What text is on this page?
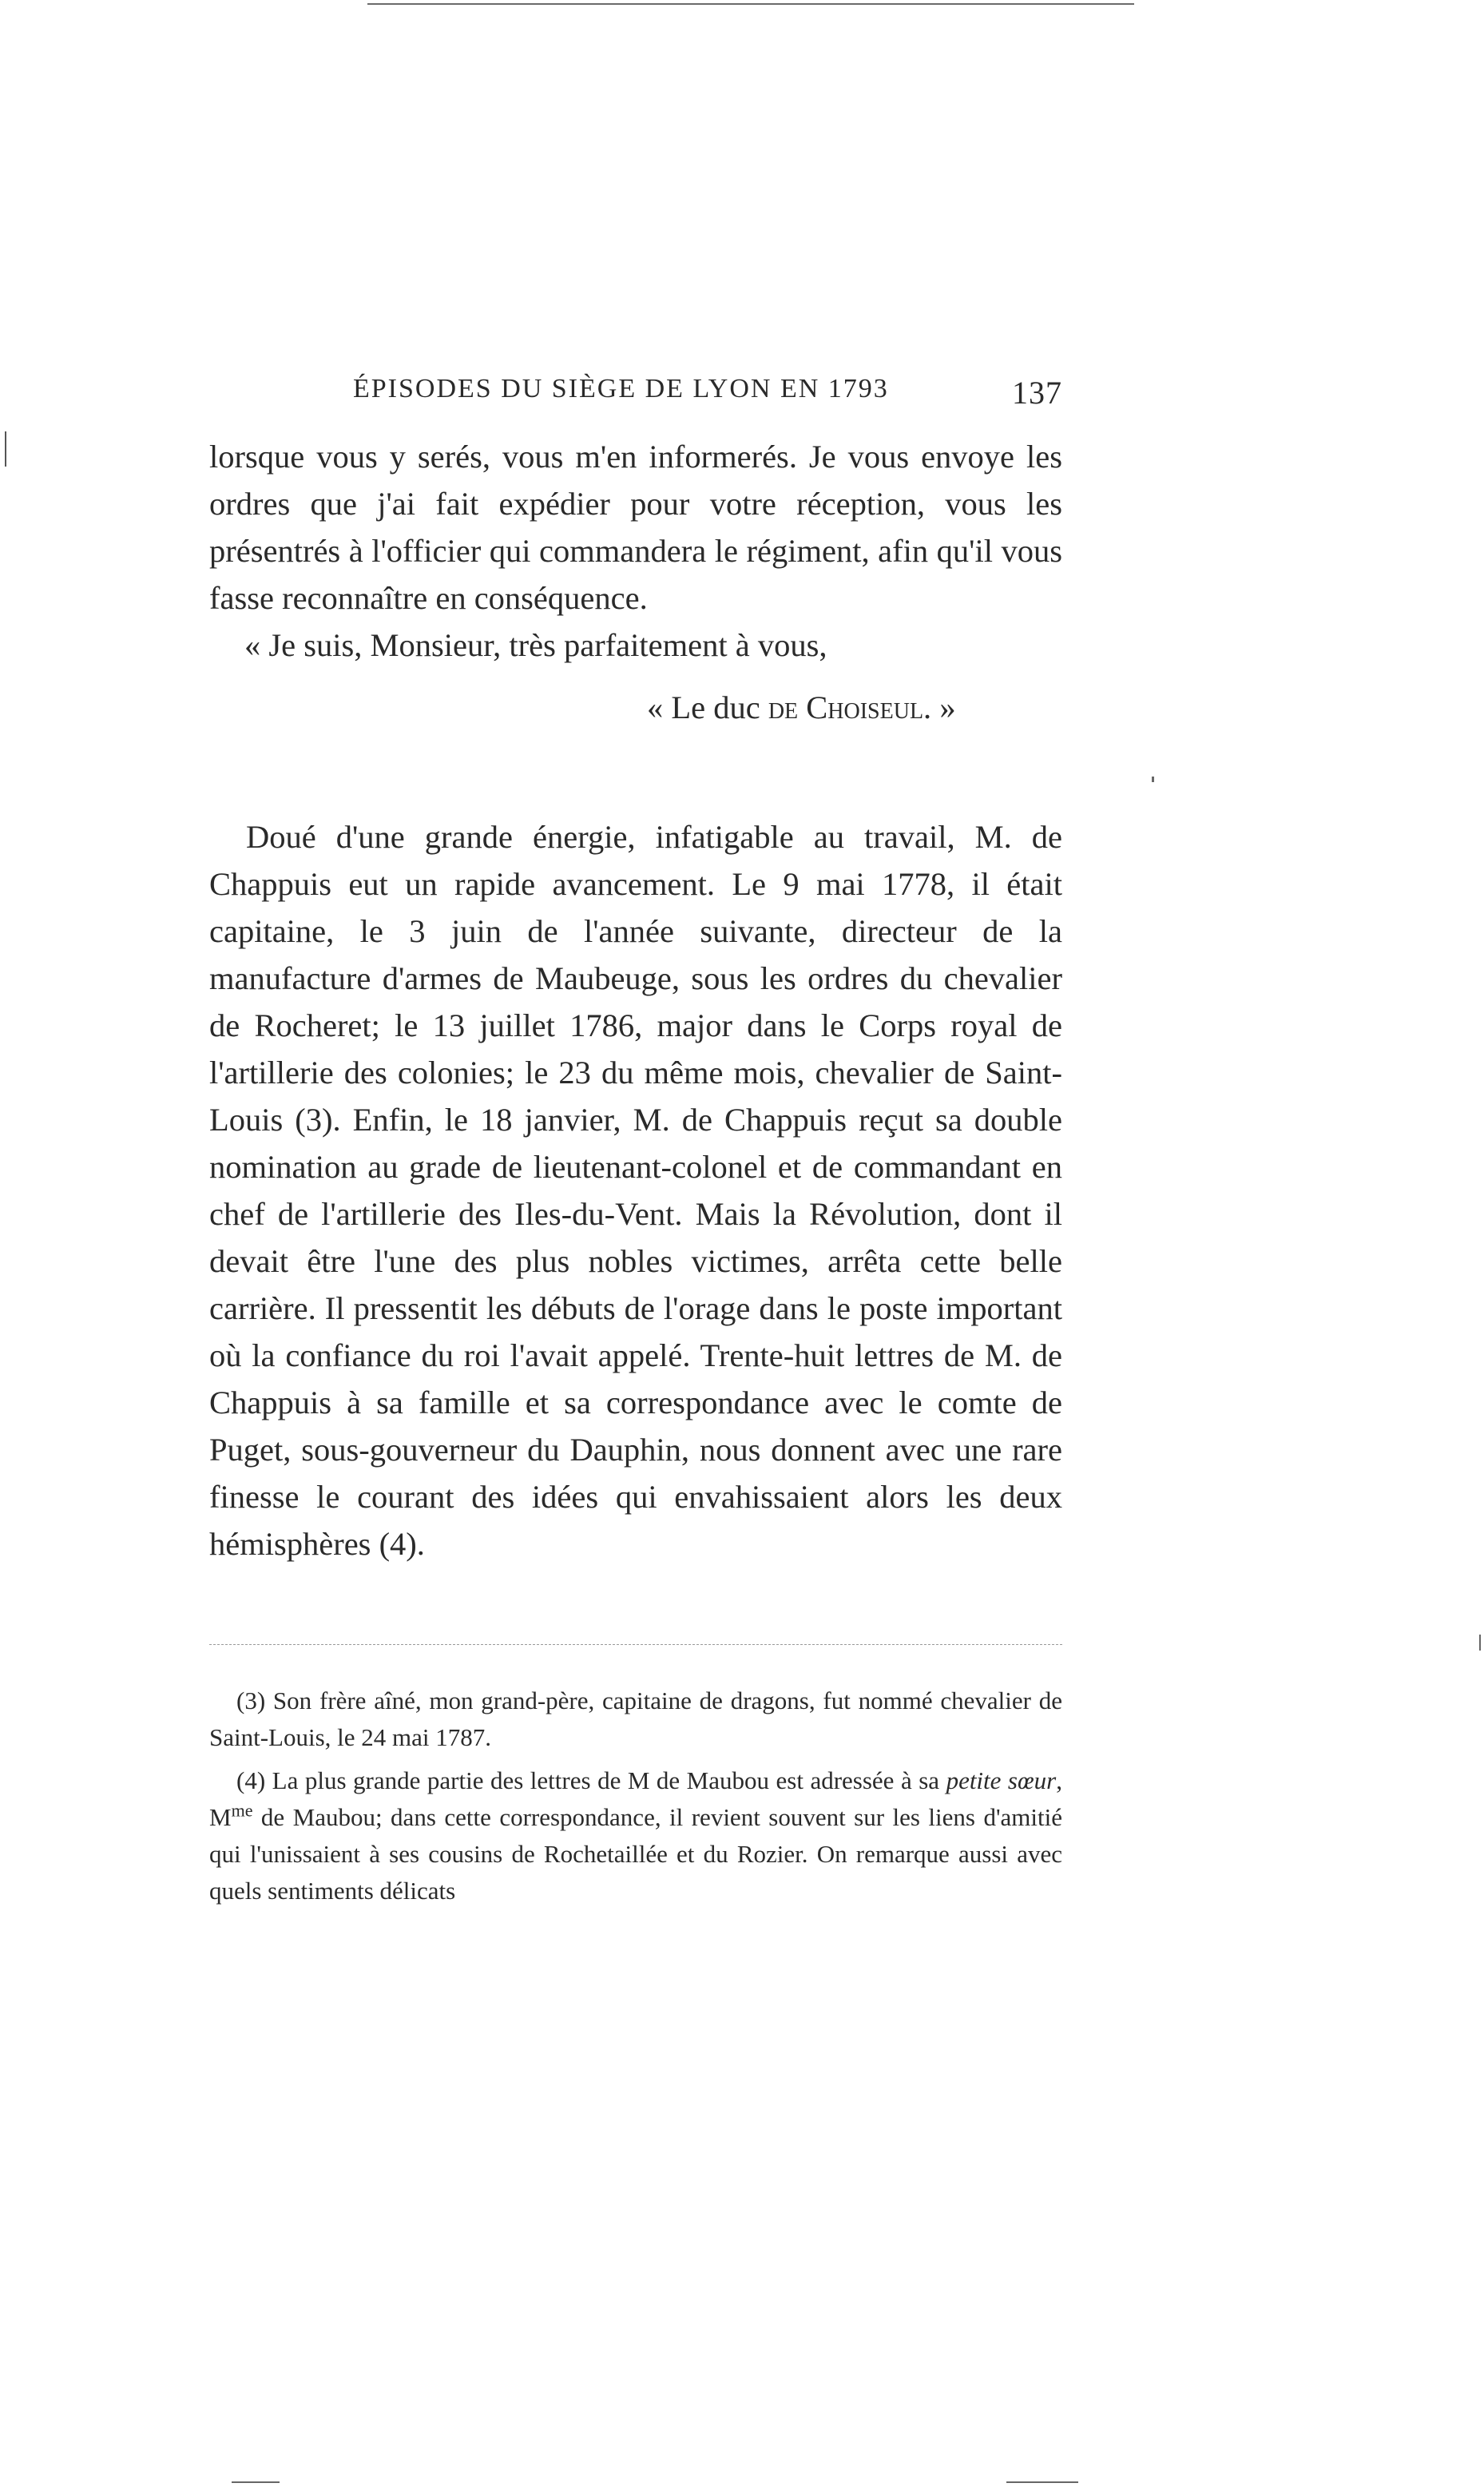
ÉPISODES DU SIÈGE DE LYON EN 1793	137

lorsque vous y serés, vous m'en informerés. Je vous envoye les ordres que j'ai fait expédier pour votre réception, vous les présentrés à l'officier qui commandera le régiment, afin qu'il vous fasse reconnaître en conséquence.

« Je suis, Monsieur, très parfaitement à vous,

« Le duc de Choiseul. »

Doué d'une grande énergie, infatigable au travail, M. de Chappuis eut un rapide avancement. Le 9 mai 1778, il était capitaine, le 3 juin de l'année suivante, directeur de la manufacture d'armes de Maubeuge, sous les ordres du chevalier de Rocheret; le 13 juillet 1786, major dans le Corps royal de l'artillerie des colonies; le 23 du même mois, chevalier de Saint-Louis (3). Enfin, le 18 janvier, M. de Chappuis reçut sa double nomination au grade de lieutenant-colonel et de commandant en chef de l'artillerie des Iles-du-Vent. Mais la Révolution, dont il devait être l'une des plus nobles victimes, arrêta cette belle carrière. Il pressentit les débuts de l'orage dans le poste important où la confiance du roi l'avait appelé. Trente-huit lettres de M. de Chappuis à sa famille et sa correspondance avec le comte de Puget, sous-gouverneur du Dauphin, nous donnent avec une rare finesse le courant des idées qui envahissaient alors les deux hémisphères (4).

(3) Son frère aîné, mon grand-père, capitaine de dragons, fut nommé chevalier de Saint-Louis, le 24 mai 1787.

(4) La plus grande partie des lettres de M de Maubou est adressée à sa petite sœur, $M^{me}$ de Maubou; dans cette correspondance, il revient souvent sur les liens d'amitié qui l'unissaient à ses cousins de Rochetaillée et du Rozier. On remarque aussi avec quels sentiments délicats
